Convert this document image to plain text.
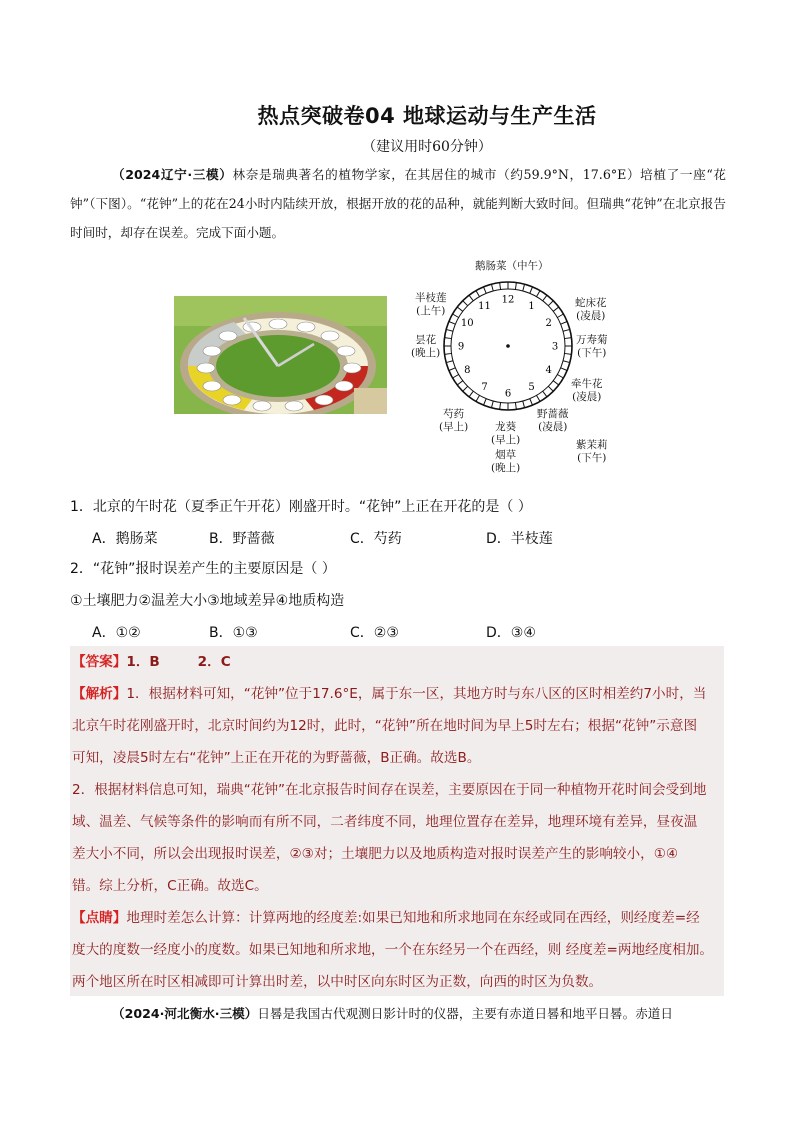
热点突破卷04 地球运动与生产生活
（建议用时60分钟）
（2024辽宁·三模）林奈是瑞典著名的植物学家，在其居住的城市（约59.9°N，17.6°E）培植了一座“花钟”（下图）。“花钟”上的花在24小时内陆续开放，根据开放的花的品种，就能判断大致时间。但瑞典“花钟”在北京报告时间时，却存在误差。完成下面小题。
12
1
2
3
4
5
6
7
8
9
10
11
鹅肠菜（中午）
蛇床花
(凌晨)
万寿菊
(下午)
牵牛花
(凌晨)
野蔷薇
(凌晨)
紫茉莉
(下午)
龙葵
(早上)
烟草
(晚上)
芍药
(早上)
昙花
(晚上)
半枝莲
(上午)
1．北京的午时花（夏季正午开花）刚盛开时。“花钟”上正在开花的是（ ）
A．鹅肠菜	B．野蔷薇	C．芍药	D．半枝莲
2．“花钟”报时误差产生的主要原因是（ ）
①土壤肥力②温差大小③地域差异④地质构造
A．①②	B．①③	C．②③	D．③④
【答案】1．B        2．C
【解析】1．根据材料可知，“花钟”位于17.6°E，属于东一区，其地方时与东八区的区时相差约7小时，当
北京午时花刚盛开时，北京时间约为12时，此时，“花钟”所在地时间为早上5时左右；根据“花钟”示意图
可知，凌晨5时左右“花钟”上正在开花的为野蔷薇，B正确。故选B。
2．根据材料信息可知，瑞典“花钟”在北京报告时间存在误差，主要原因在于同一种植物开花时间会受到地
域、温差、气候等条件的影响而有所不同，二者纬度不同，地理位置存在差异，地理环境有差异，昼夜温
差大小不同，所以会出现报时误差，②③对；土壤肥力以及地质构造对报时误差产生的影响较小，①④
错。综上分析，C正确。故选C。
【点睛】地理时差怎么计算：计算两地的经度差:如果已知地和所求地同在东经或同在西经，则经度差=经
度大的度数一经度小的度数。如果已知地和所求地，一个在东经另一个在西经，则 经度差=两地经度相加。
两个地区所在时区相减即可计算出时差，以中时区向东时区为正数，向西的时区为负数。
（2024·河北衡水·三模）日晷是我国古代观测日影计时的仪器，主要有赤道日晷和地平日晷。赤道日
